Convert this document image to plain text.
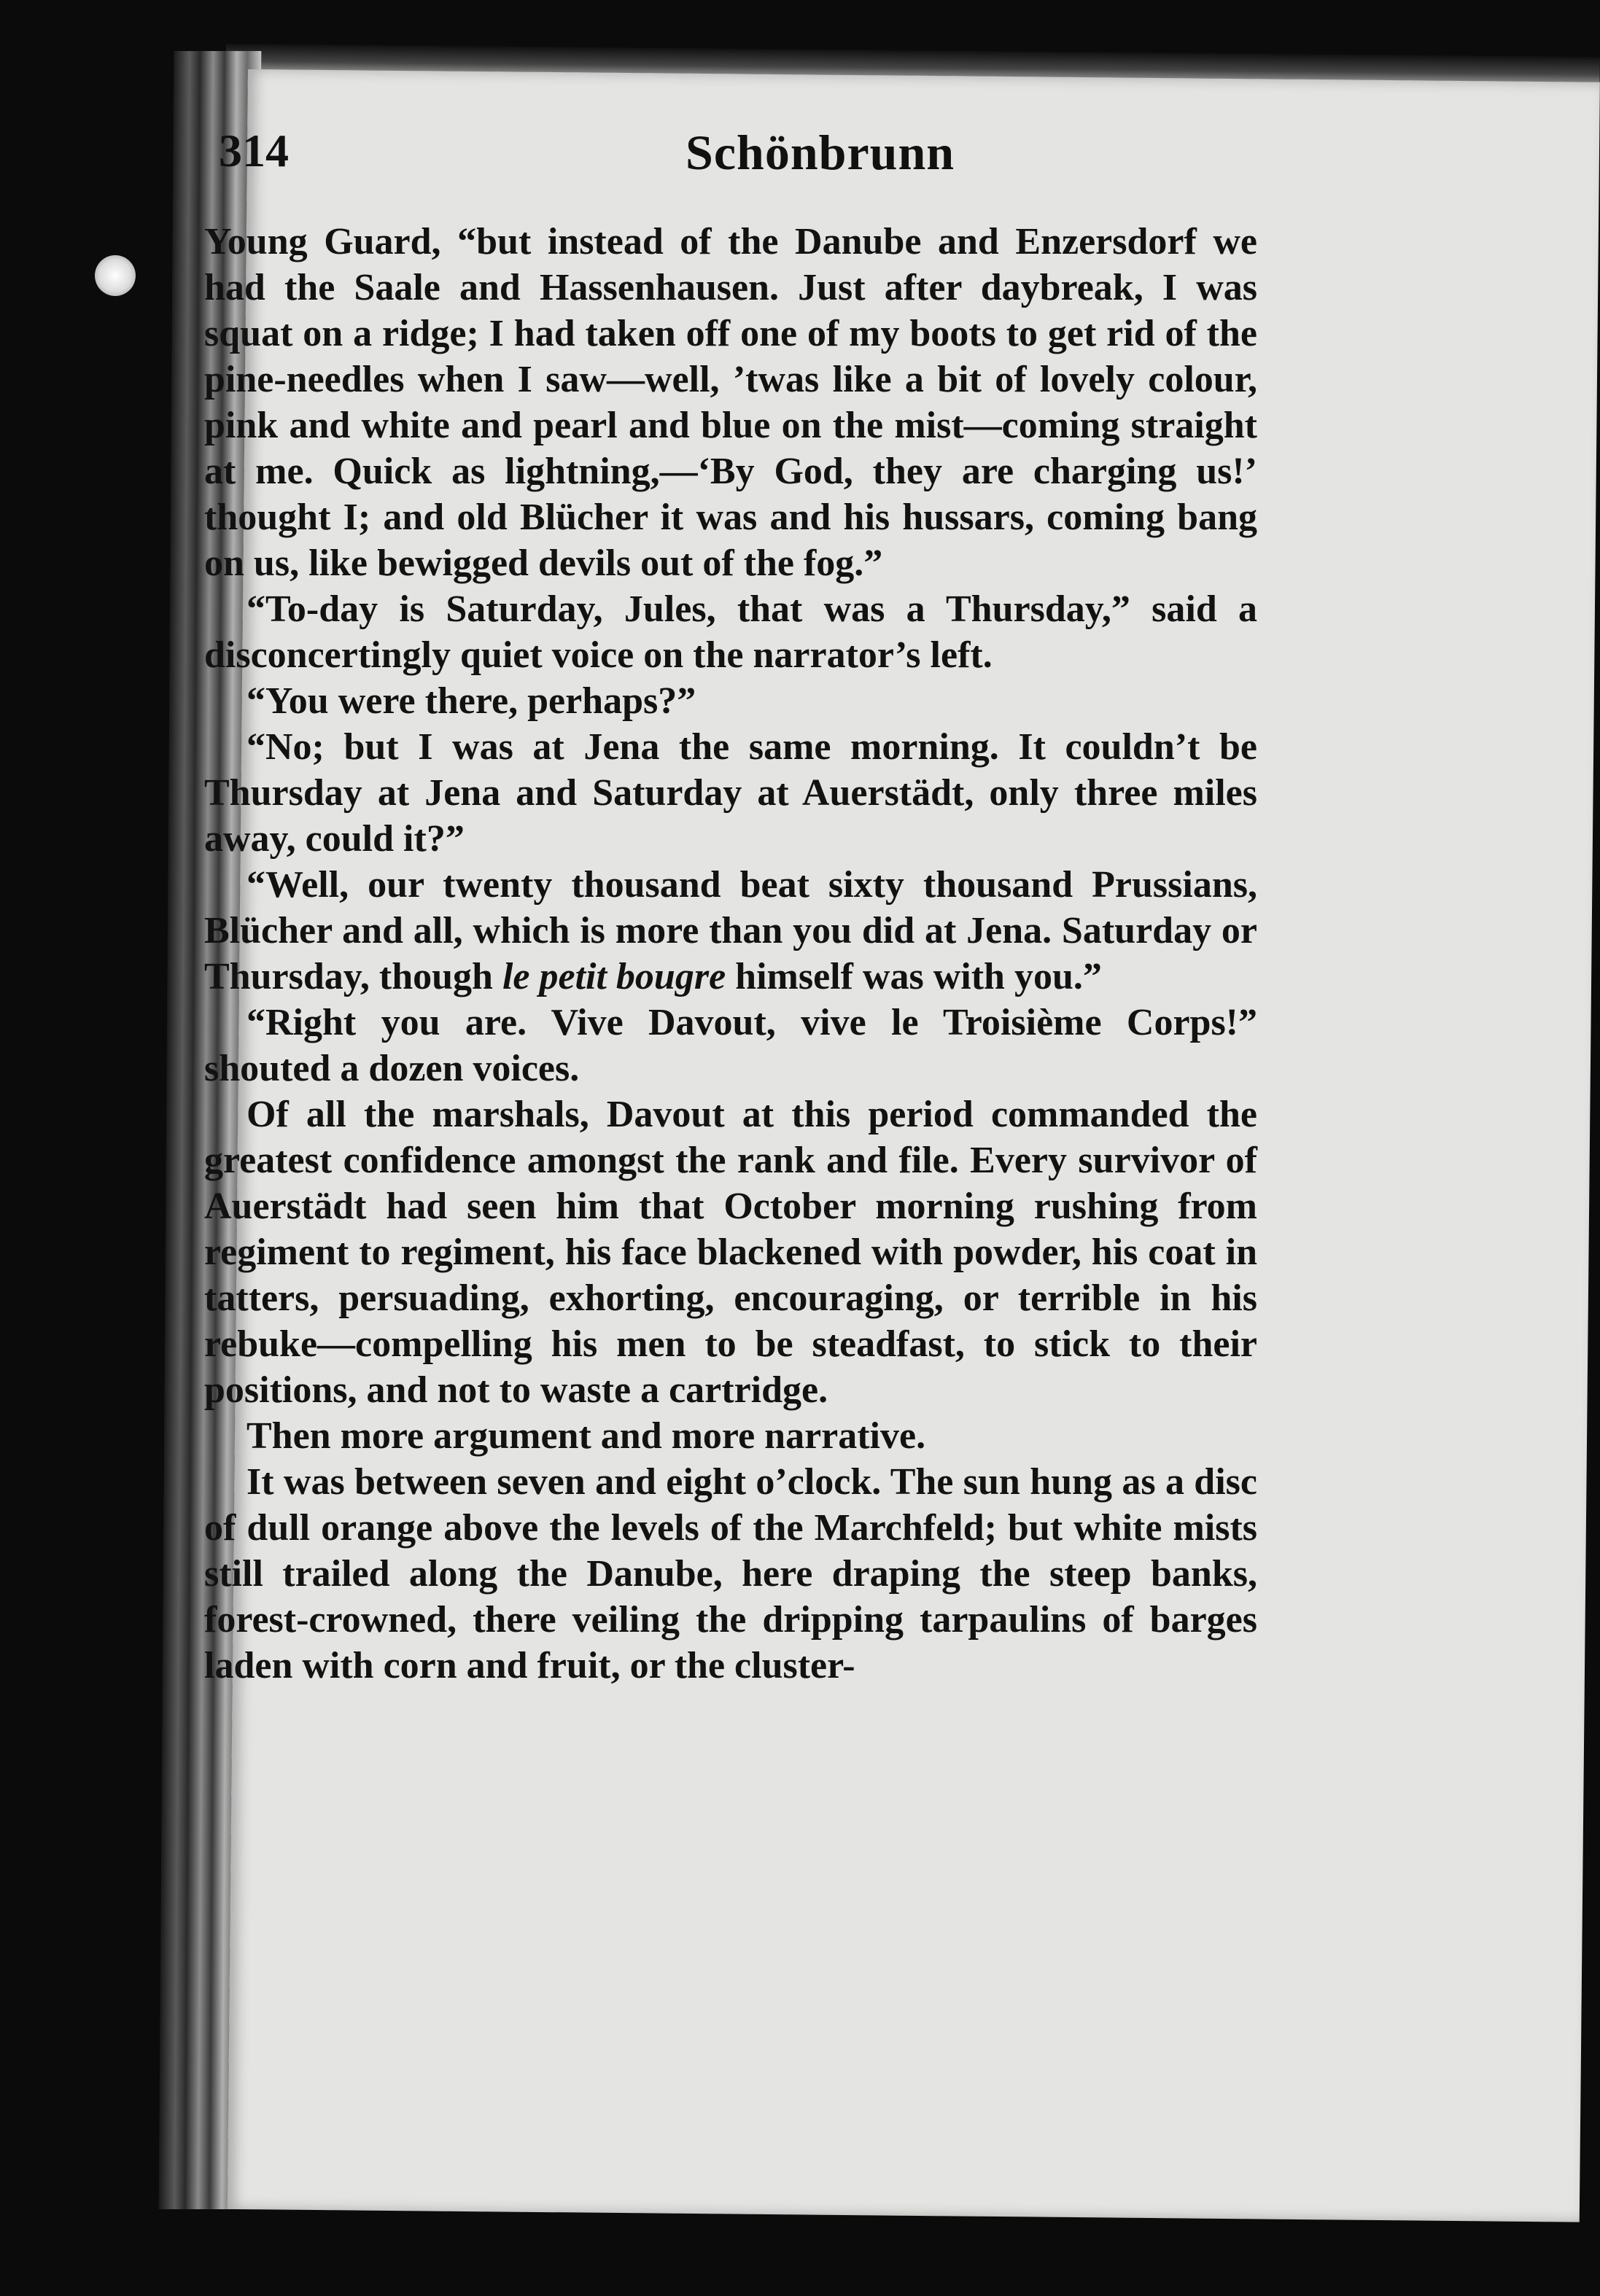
314	Schönbrunn

Young Guard, “but instead of the Danube and Enzersdorf we had the Saale and Hassenhausen. Just after daybreak, I was squat on a ridge; I had taken off one of my boots to get rid of the pine-needles when I saw—well, ’twas like a bit of lovely colour, pink and white and pearl and blue on the mist—coming straight at me. Quick as lightning,—‘By God, they are charging us!’ thought I; and old Blücher it was and his hussars, coming bang on us, like bewigged devils out of the fog.”

“To-day is Saturday, Jules, that was a Thursday,” said a disconcertingly quiet voice on the narrator’s left.

“You were there, perhaps?”

“No; but I was at Jena the same morning. It couldn’t be Thursday at Jena and Saturday at Auerstädt, only three miles away, could it?”

“Well, our twenty thousand beat sixty thousand Prussians, Blücher and all, which is more than you did at Jena. Saturday or Thursday, though le petit bougre himself was with you.”

“Right you are. Vive Davout, vive le Troisième Corps!” shouted a dozen voices.

Of all the marshals, Davout at this period commanded the greatest confidence amongst the rank and file. Every survivor of Auerstädt had seen him that October morning rushing from regiment to regiment, his face blackened with powder, his coat in tatters, persuading, exhorting, encouraging, or terrible in his rebuke—compelling his men to be steadfast, to stick to their positions, and not to waste a cartridge.

Then more argument and more narrative.

It was between seven and eight o’clock. The sun hung as a disc of dull orange above the levels of the Marchfeld; but white mists still trailed along the Danube, here draping the steep banks, forest-crowned, there veiling the dripping tarpaulins of barges laden with corn and fruit, or the cluster-
